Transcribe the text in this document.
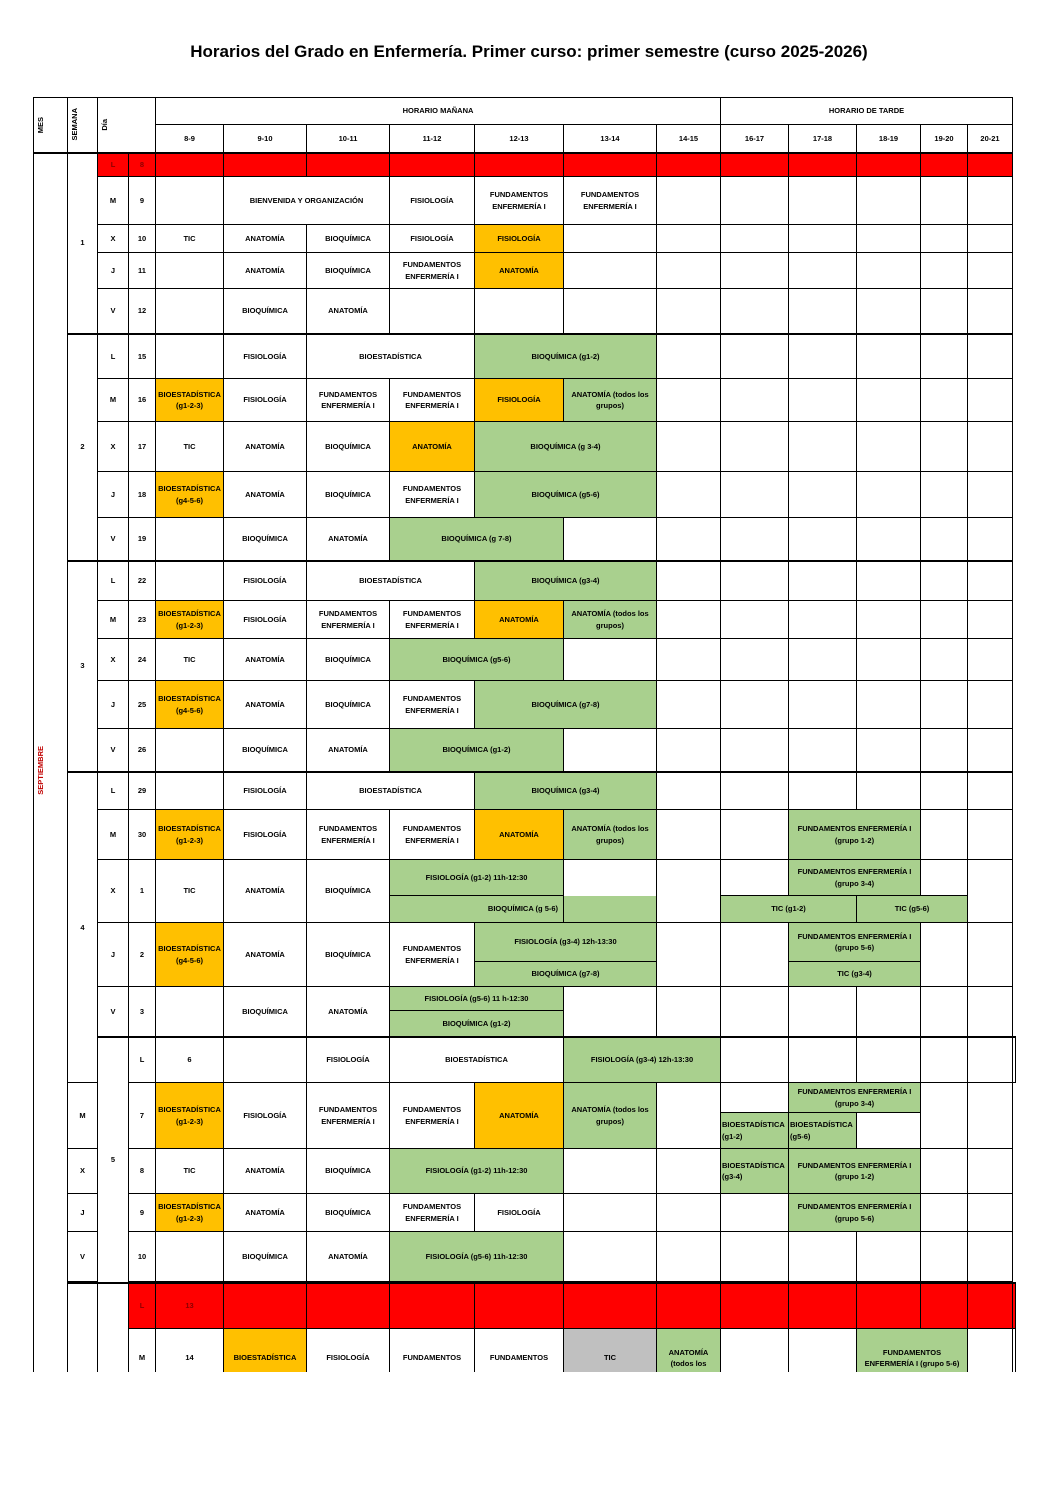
Horarios del Grado en Enfermería. Primer curso: primer semestre (curso 2025-2026)
MES	SEMANA	Día		HORARIO MAÑANA							HORARIO DE TARDE					
				8-9	9-10	10-11	11-12	12-13	13-14	14-15	16-17	17-18	18-19	19-20	20-21	

SEPTIEMBRE	1	L	8													
		M	9		BIENVENIDA Y ORGANIZACIÓN		FISIOLOGÍA	FUNDAMENTOS ENFERMERÍA I	FUNDAMENTOS ENFERMERÍA I							
		X	10	TIC	ANATOMÍA	BIOQUÍMICA	FISIOLOGÍA	FISIOLOGÍA								
		J	11		ANATOMÍA	BIOQUÍMICA	FUNDAMENTOS ENFERMERÍA I	ANATOMÍA								
		V	12		BIOQUÍMICA	ANATOMÍA										
	2	L	15		FISIOLOGÍA	BIOESTADÍSTICA		BIOQUÍMICA (g1-2)								
		M	16	BIOESTADÍSTICA (g1-2-3)	FISIOLOGÍA	FUNDAMENTOS ENFERMERÍA I	FUNDAMENTOS ENFERMERÍA I	FISIOLOGÍA	ANATOMÍA (todos los grupos)							
		X	17	TIC	ANATOMÍA	BIOQUÍMICA	ANATOMÍA	BIOQUÍMICA (g 3-4)								
		J	18	BIOESTADÍSTICA (g4-5-6)	ANATOMÍA	BIOQUÍMICA	FUNDAMENTOS ENFERMERÍA I	BIOQUÍMICA (g5-6)								
		V	19		BIOQUÍMICA	ANATOMÍA	BIOQUÍMICA (g 7-8)									
	3	L	22		FISIOLOGÍA	BIOESTADÍSTICA		BIOQUÍMICA (g3-4)								
		M	23	BIOESTADÍSTICA (g1-2-3)	FISIOLOGÍA	FUNDAMENTOS ENFERMERÍA I	FUNDAMENTOS ENFERMERÍA I	ANATOMÍA	ANATOMÍA (todos los grupos)							
		X	24	TIC	ANATOMÍA	BIOQUÍMICA	BIOQUÍMICA (g5-6)									
		J	25	BIOESTADÍSTICA (g4-5-6)	ANATOMÍA	BIOQUÍMICA	FUNDAMENTOS ENFERMERÍA I	BIOQUÍMICA (g7-8)								
		V	26		BIOQUÍMICA	ANATOMÍA	BIOQUÍMICA (g1-2)									
	4	L	29		FISIOLOGÍA	BIOESTADÍSTICA		BIOQUÍMICA (g3-4)								
		M	30	BIOESTADÍSTICA (g1-2-3)	FISIOLOGÍA	FUNDAMENTOS ENFERMERÍA I	FUNDAMENTOS ENFERMERÍA I	ANATOMÍA	ANATOMÍA (todos los grupos)			FUNDAMENTOS ENFERMERÍA I (grupo 1-2)				
		X	1	TIC	ANATOMÍA	BIOQUÍMICA	FISIOLOGÍA (g1-2) 11h-12:30					FUNDAMENTOS ENFERMERÍA I (grupo 3-4)				
							BIOQUÍMICA (g 5-6)				TIC (g1-2)		TIC (g5-6)			
		J	2	BIOESTADÍSTICA (g4-5-6)	ANATOMÍA	BIOQUÍMICA	FUNDAMENTOS ENFERMERÍA I	FISIOLOGÍA (g3-4) 12h-13:30				FUNDAMENTOS ENFERMERÍA I (grupo 5-6)				
								BIOQUÍMICA (g7-8)				TIC (g3-4)				
		V	3		BIOQUÍMICA	ANATOMÍA	FISIOLOGÍA (g5-6) 11 h-12:30									
							BIOQUÍMICA (g1-2)									
		5	L	6		FISIOLOGÍA	BIOESTADÍSTICA		FISIOLOGÍA (g3-4) 12h-13:30							
	M		7	BIOESTADÍSTICA (g1-2-3)	FISIOLOGÍA	FUNDAMENTOS ENFERMERÍA I	FUNDAMENTOS ENFERMERÍA I	ANATOMÍA	ANATOMÍA (todos los grupos)			FUNDAMENTOS ENFERMERÍA I (grupo 3-4)				
											BIOESTADÍSTICA (g1-2)	BIOESTADÍSTICA (g5-6)				
	X		8	TIC	ANATOMÍA	BIOQUÍMICA	FISIOLOGÍA (g1-2) 11h-12:30				BIOESTADÍSTICA (g3-4)	FUNDAMENTOS ENFERMERÍA I (grupo 1-2)				
	J		9	BIOESTADÍSTICA (g1-2-3)	ANATOMÍA	BIOQUÍMICA	FUNDAMENTOS ENFERMERÍA I	FISIOLOGÍA				FUNDAMENTOS ENFERMERÍA I (grupo 5-6)				
	V		10		BIOQUÍMICA	ANATOMÍA	FISIOLOGÍA (g5-6) 11h-12:30									

			L	13												
			M	14	BIOESTADÍSTICA	FISIOLOGÍA	FUNDAMENTOS	FUNDAMENTOS	TIC	ANATOMÍA (todos los			FUNDAMENTOS ENFERMERÍA I (grupo 5-6)			
